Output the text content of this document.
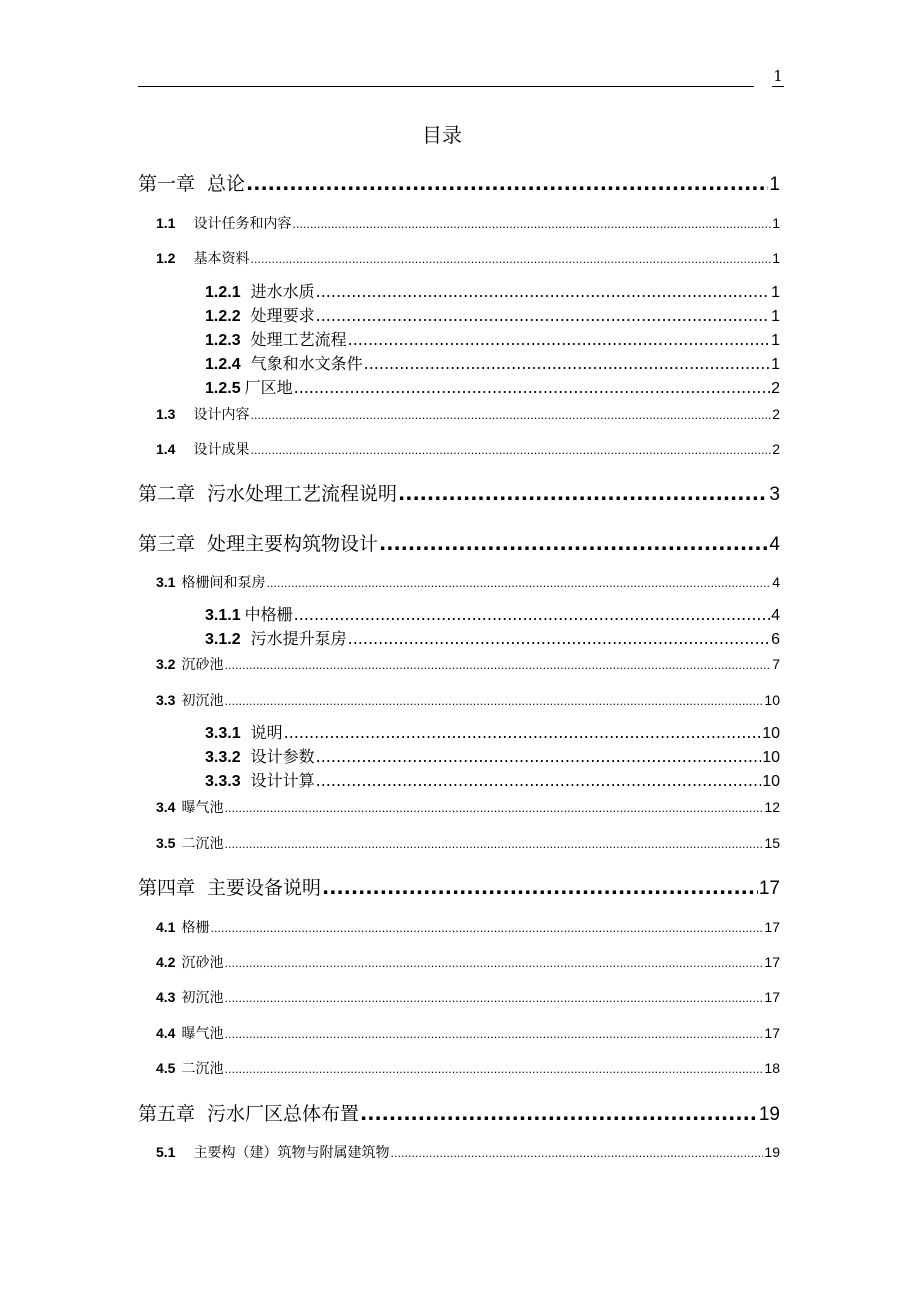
1
目录
第一章 总论 .....	1
1.1 设计任务和内容 .....	1
1.2 基本资料 .....	1
1.2.1 进水水质 .....	1
1.2.2 处理要求 .....	1
1.2.3 处理工艺流程 .....	1
1.2.4 气象和水文条件 .....	1
1.2.5 厂区地 .....	2
1.3 设计内容 .....	2
1.4 设计成果 .....	2
第二章 污水处理工艺流程说明 .....	3
第三章 处理主要构筑物设计 .....	4
3.1 格栅间和泵房 .....	4
3.1.1 中格栅 .....	4
3.1.2 污水提升泵房 .....	6
3.2 沉砂池 .....	7
3.3 初沉池 .....	10
3.3.1 说明 .....	10
3.3.2 设计参数 .....	10
3.3.3 设计计算 .....	10
3.4 曝气池 .....	12
3.5 二沉池 .....	15
第四章 主要设备说明 .....	17
4.1 格栅 .....	17
4.2 沉砂池 .....	17
4.3 初沉池 .....	17
4.4 曝气池 .....	17
4.5 二沉池 .....	18
第五章 污水厂区总体布置 .....	19
5.1 主要构（建）筑物与附属建筑物 .....	19
